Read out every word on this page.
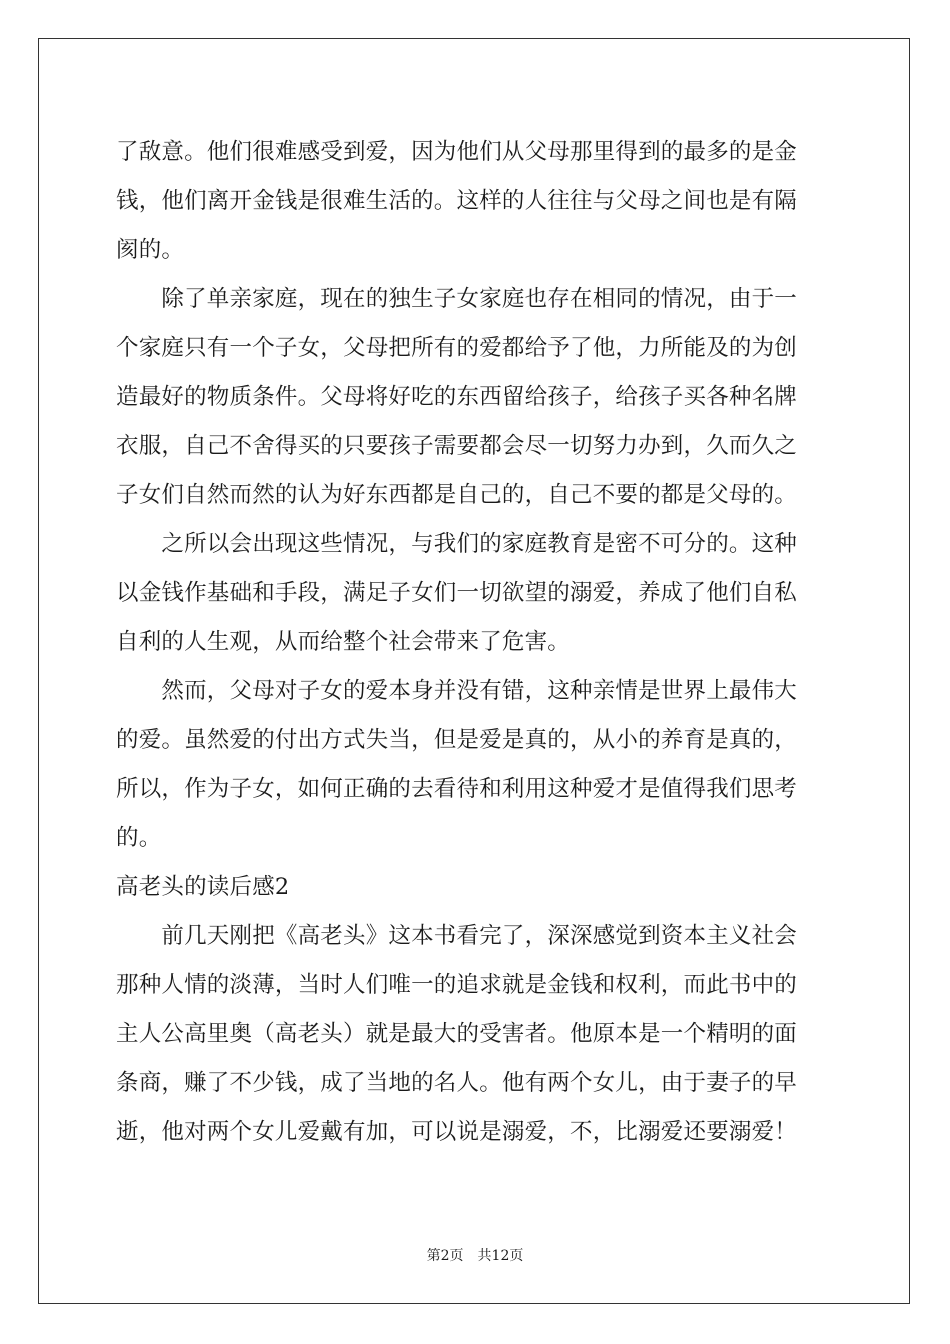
了敌意。他们很难感受到爱，因为他们从父母那里得到的最多的是金
钱，他们离开金钱是很难生活的。这样的人往往与父母之间也是有隔
阂的。
　　除了单亲家庭，现在的独生子女家庭也存在相同的情况，由于一
个家庭只有一个子女，父母把所有的爱都给予了他，力所能及的为创
造最好的物质条件。父母将好吃的东西留给孩子，给孩子买各种名牌
衣服，自己不舍得买的只要孩子需要都会尽一切努力办到，久而久之
子女们自然而然的认为好东西都是自己的，自己不要的都是父母的。
　　之所以会出现这些情况，与我们的家庭教育是密不可分的。这种
以金钱作基础和手段，满足子女们一切欲望的溺爱，养成了他们自私
自利的人生观，从而给整个社会带来了危害。
　　然而，父母对子女的爱本身并没有错，这种亲情是世界上最伟大
的爱。虽然爱的付出方式失当，但是爱是真的，从小的养育是真的，
所以，作为子女，如何正确的去看待和利用这种爱才是值得我们思考
的。
高老头的读后感2
　　前几天刚把《高老头》这本书看完了，深深感觉到资本主义社会
那种人情的淡薄，当时人们唯一的追求就是金钱和权利，而此书中的
主人公高里奥（高老头）就是最大的受害者。他原本是一个精明的面
条商，赚了不少钱，成了当地的名人。他有两个女儿，由于妻子的早
逝，他对两个女儿爱戴有加，可以说是溺爱，不，比溺爱还要溺爱！
第2页　共12页
